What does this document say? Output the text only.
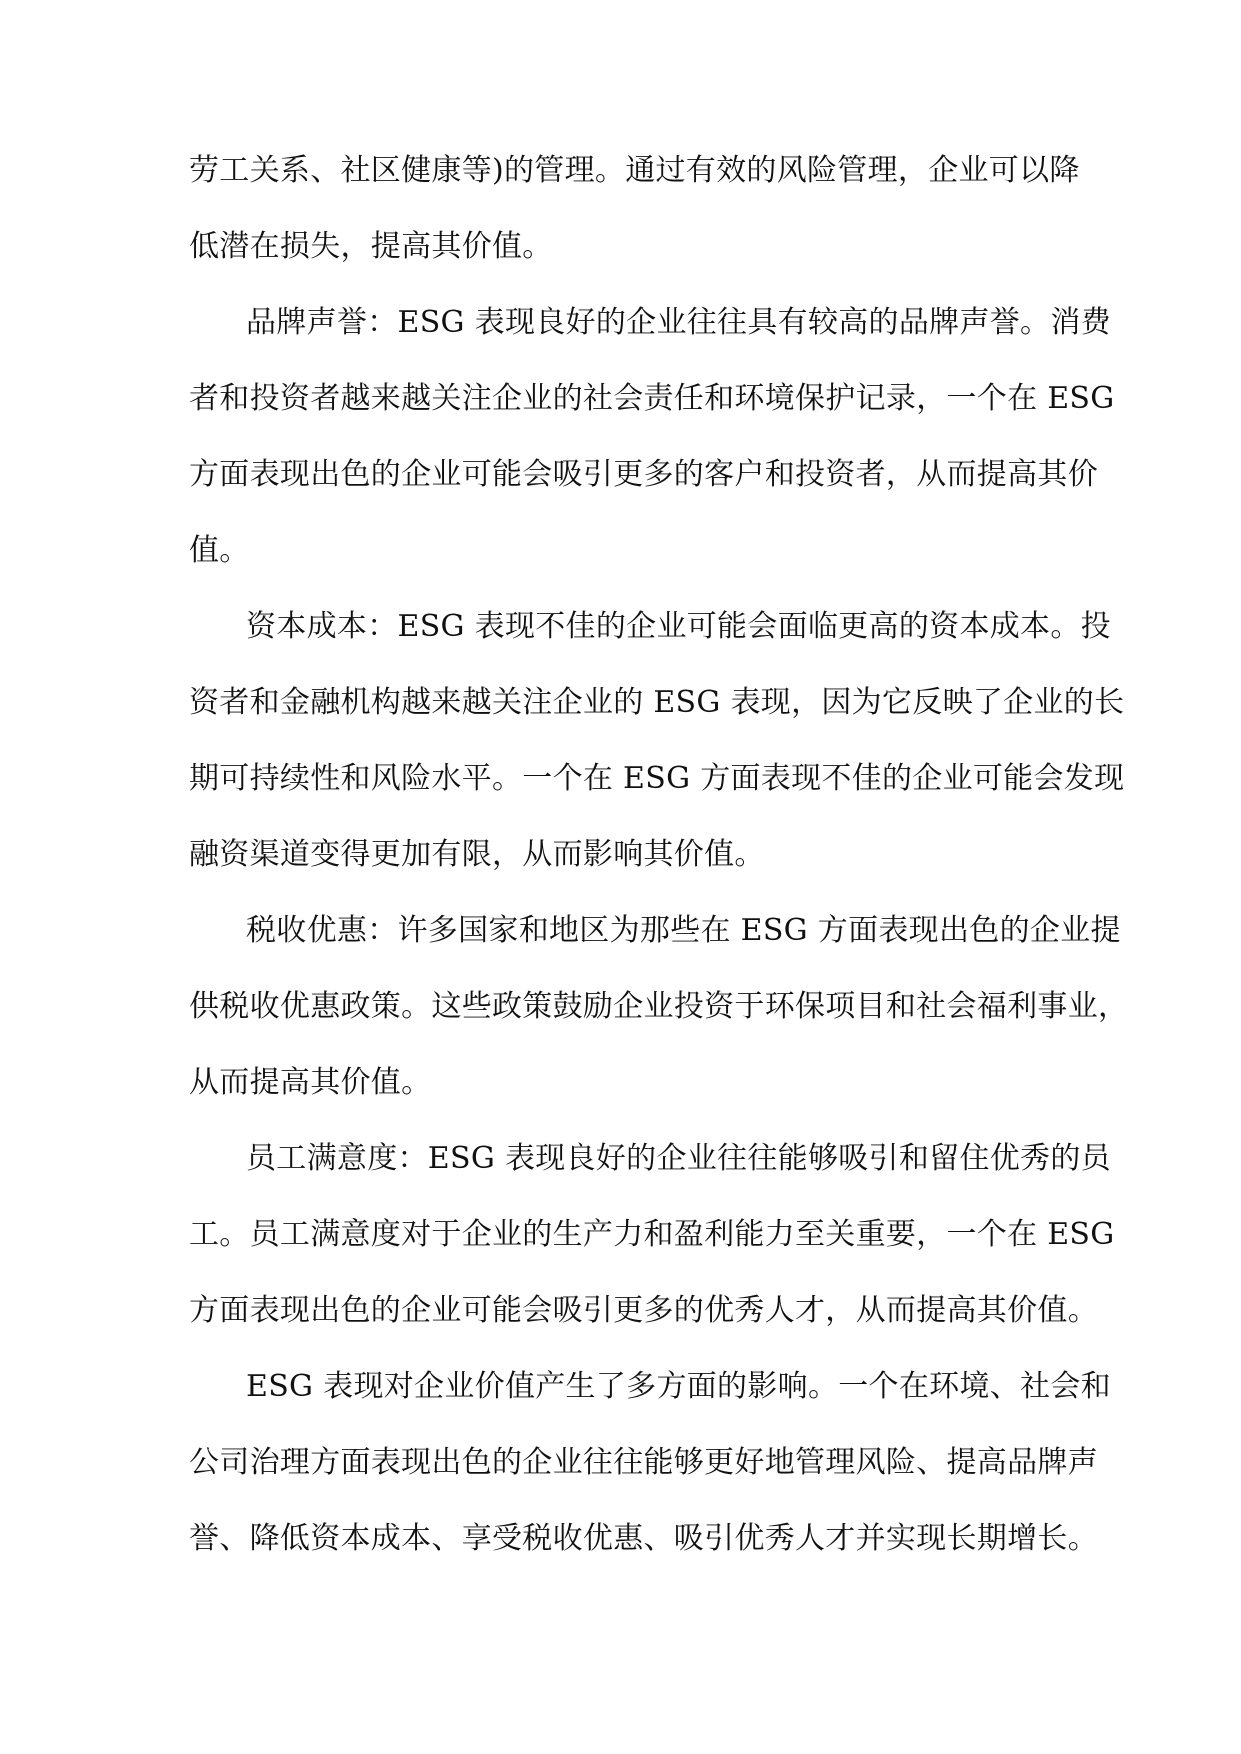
劳工关系、社区健康等)的管理。通过有效的风险管理，企业可以降
低潜在损失，提高其价值。
品牌声誉：ESG 表现良好的企业往往具有较高的品牌声誉。消费
者和投资者越来越关注企业的社会责任和环境保护记录，一个在 ESG
方面表现出色的企业可能会吸引更多的客户和投资者，从而提高其价
值。
资本成本：ESG 表现不佳的企业可能会面临更高的资本成本。投
资者和金融机构越来越关注企业的 ESG 表现，因为它反映了企业的长
期可持续性和风险水平。一个在 ESG 方面表现不佳的企业可能会发现
融资渠道变得更加有限，从而影响其价值。
税收优惠：许多国家和地区为那些在 ESG 方面表现出色的企业提
供税收优惠政策。这些政策鼓励企业投资于环保项目和社会福利事业，
从而提高其价值。
员工满意度：ESG 表现良好的企业往往能够吸引和留住优秀的员
工。员工满意度对于企业的生产力和盈利能力至关重要，一个在 ESG
方面表现出色的企业可能会吸引更多的优秀人才，从而提高其价值。
ESG 表现对企业价值产生了多方面的影响。一个在环境、社会和
公司治理方面表现出色的企业往往能够更好地管理风险、提高品牌声
誉、降低资本成本、享受税收优惠、吸引优秀人才并实现长期增长。
